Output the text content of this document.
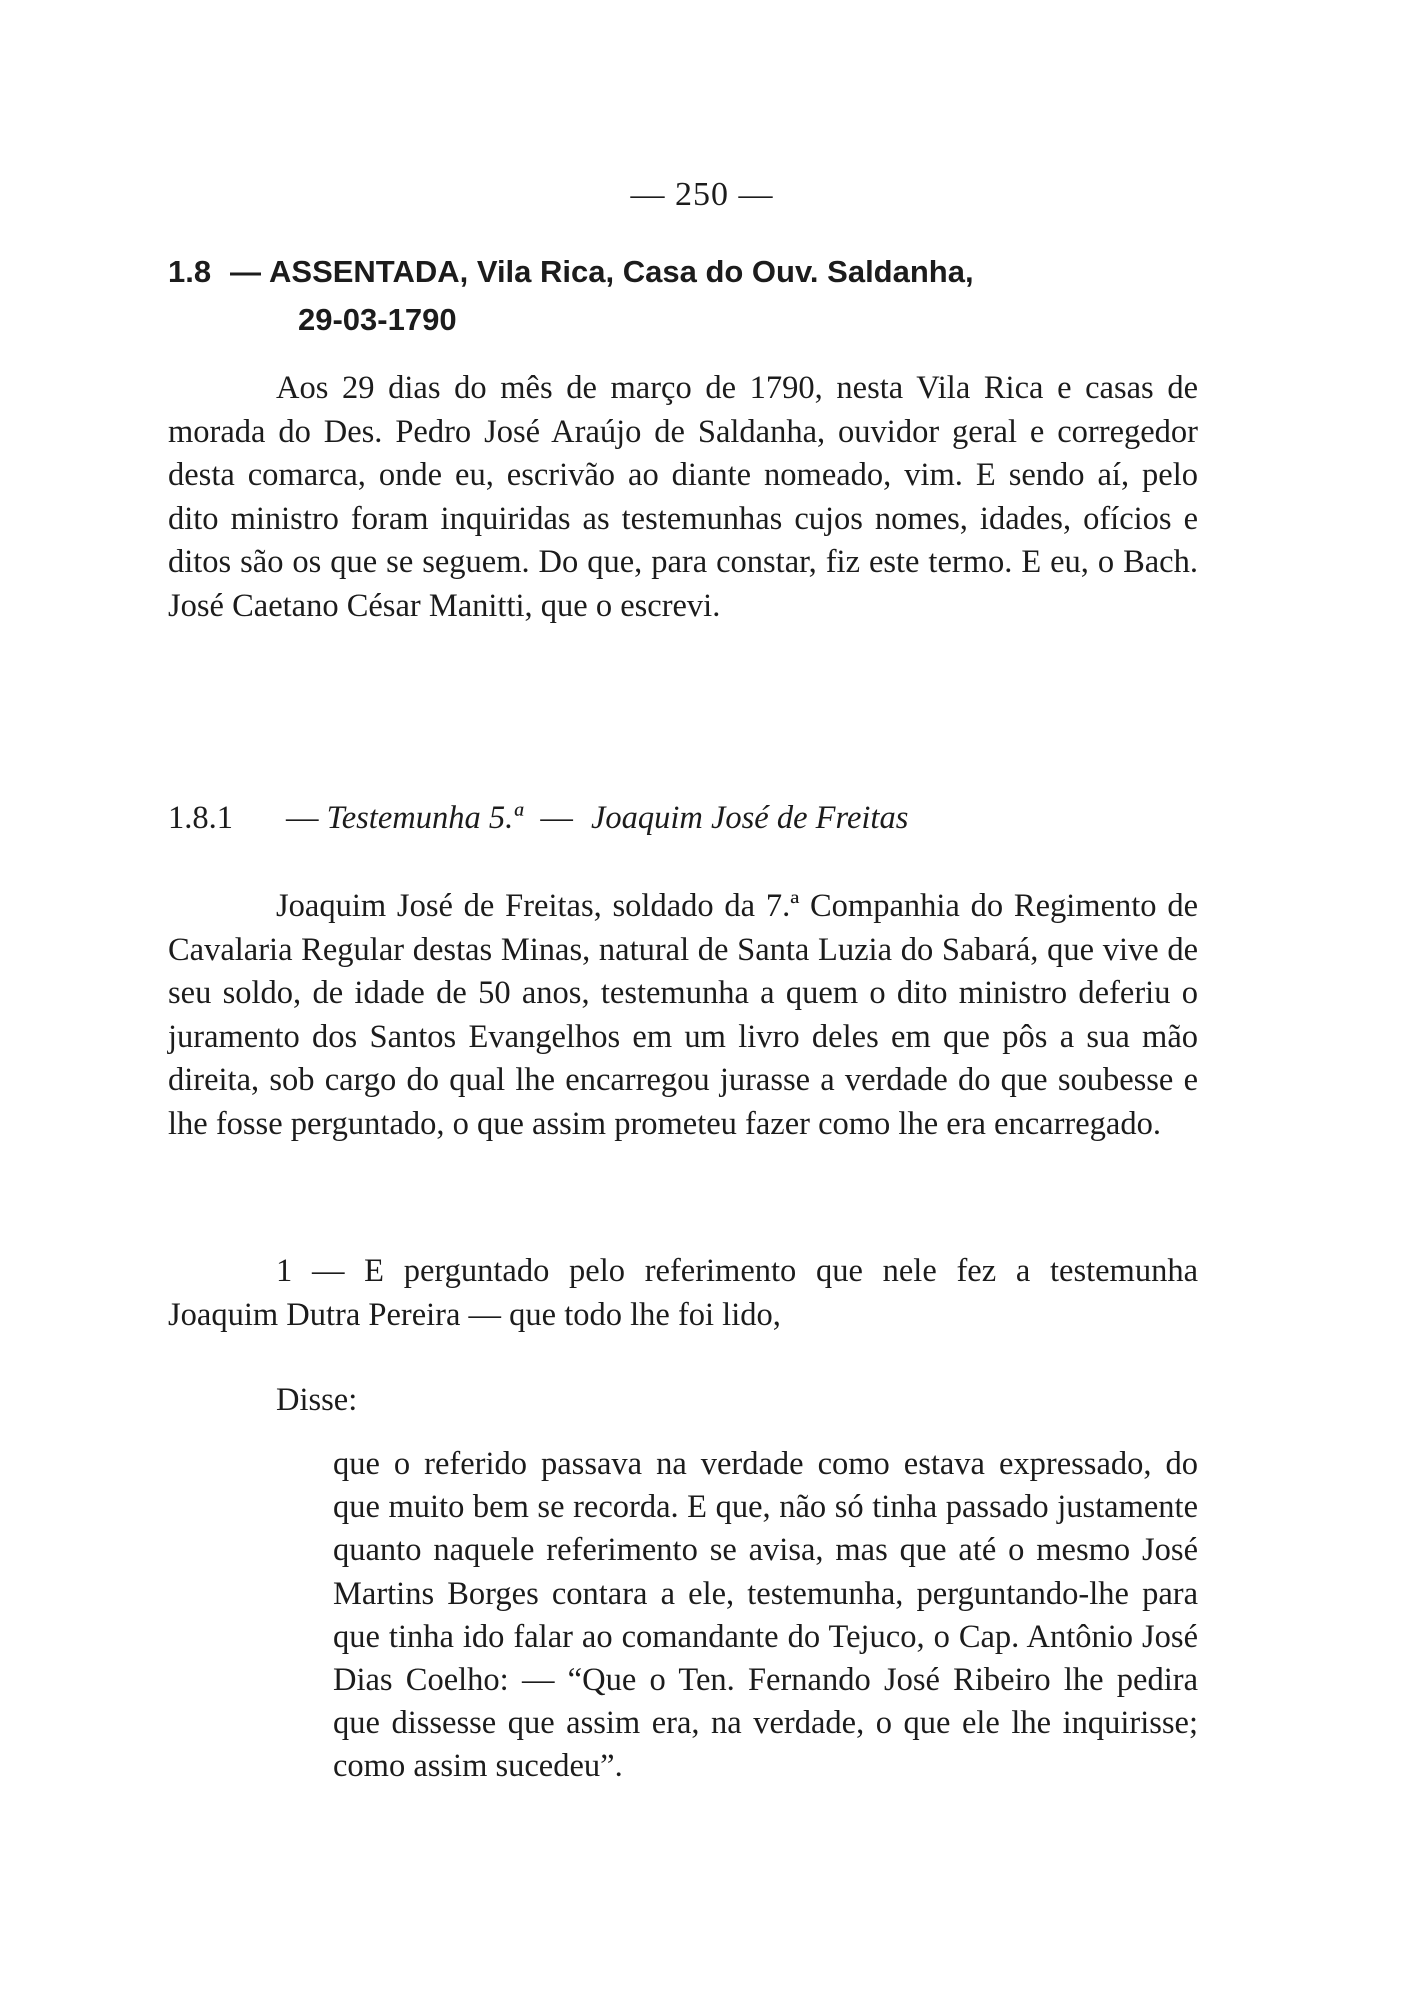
— 250 —
1.8 — ASSENTADA, Vila Rica, Casa do Ouv. Saldanha,
29-03-1790

Aos 29 dias do mês de março de 1790, nesta Vila Rica e casas de morada do Des. Pedro José Araújo de Saldanha, ouvidor geral e corregedor desta comarca, onde eu, escrivão ao diante nomeado, vim. E sendo aí, pelo dito ministro foram inquiridas as testemunhas cujos nomes, idades, ofícios e ditos são os que se seguem. Do que, para constar, fiz este termo. E eu, o Bach. José Caetano César Manitti, que o escrevi.

1.8.1 — Testemunha 5.ª — Joaquim José de Freitas

Joaquim José de Freitas, soldado da 7.ª Companhia do Regimento de Cavalaria Regular destas Minas, natural de Santa Luzia do Sabará, que vive de seu soldo, de idade de 50 anos, testemunha a quem o dito ministro deferiu o juramento dos Santos Evangelhos em um livro deles em que pôs a sua mão direita, sob cargo do qual lhe encarregou jurasse a verdade do que soubesse e lhe fosse perguntado, o que assim prometeu fazer como lhe era encarregado.

1 — E perguntado pelo referimento que nele fez a testemunha Joaquim Dutra Pereira — que todo lhe foi lido,

Disse:

que o referido passava na verdade como estava expressado, do que muito bem se recorda. E que, não só tinha passado justamente quanto naquele referimento se avisa, mas que até o mesmo José Martins Borges contara a ele, testemunha, perguntando-lhe para que tinha ido falar ao comandante do Tejuco, o Cap. Antônio José Dias Coelho: — “Que o Ten. Fernando José Ribeiro lhe pedira que dissesse que assim era, na verdade, o que ele lhe inquirisse; como assim sucedeu”.
